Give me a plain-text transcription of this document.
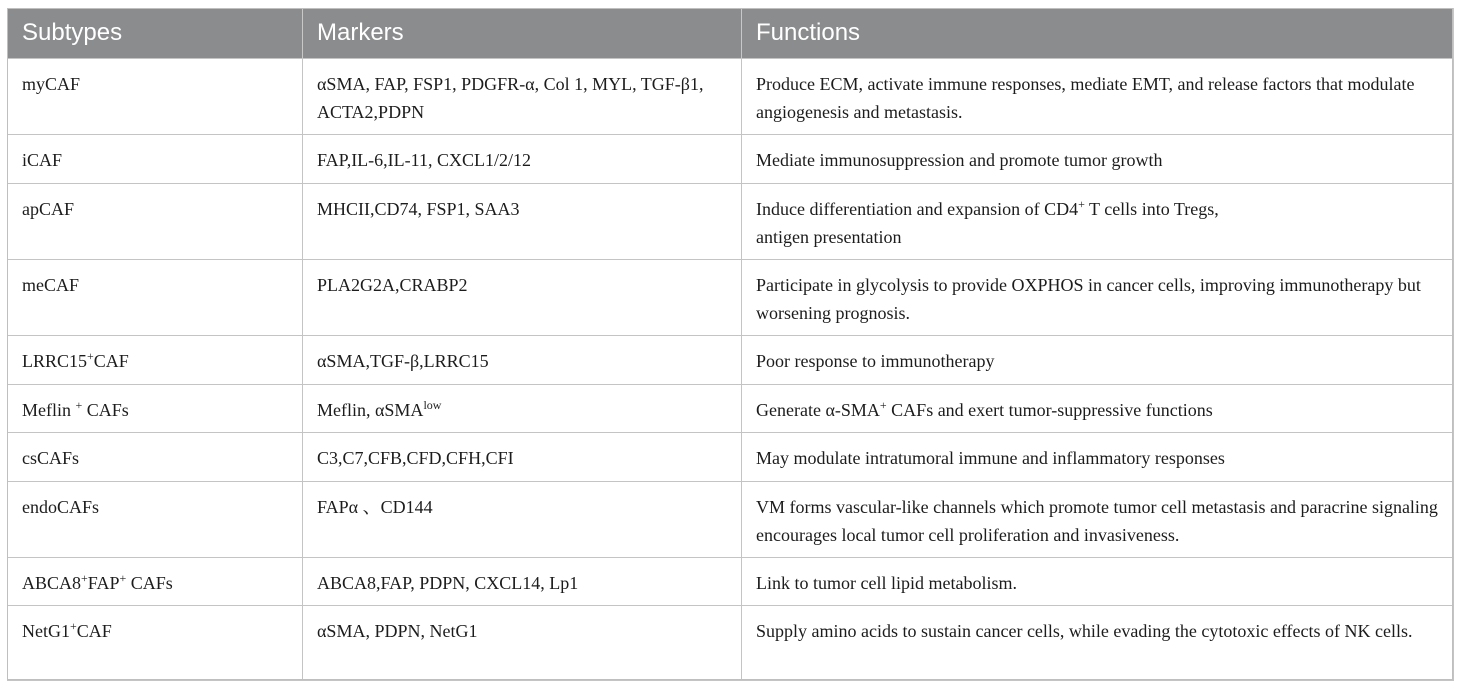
Subtypes	Markers	Functions
myCAF	αSMA, FAP, FSP1, PDGFR-α, Col 1, MYL, TGF-β1, ACTA2,PDPN	Produce ECM, activate immune responses, mediate EMT, and release factors that modulate angiogenesis and metastasis.
iCAF	FAP,IL-6,IL-11, CXCL1/2/12	Mediate immunosuppression and promote tumor growth
apCAF	MHCII,CD74, FSP1, SAA3	Induce differentiation and expansion of CD4+ T cells into Tregs,
antigen presentation
meCAF	PLA2G2A,CRABP2	Participate in glycolysis to provide OXPHOS in cancer cells, improving immunotherapy but worsening prognosis.
LRRC15+CAF	αSMA,TGF-β,LRRC15	Poor response to immunotherapy
Meflin + CAFs	Meflin, αSMA$^{low}$	Generate α-SMA+ CAFs and exert tumor-suppressive functions
csCAFs	C3,C7,CFB,CFD,CFH,CFI	May modulate intratumoral immune and inflammatory responses
endoCAFs	FAPα 、CD144	VM forms vascular-like channels which promote tumor cell metastasis and paracrine signaling encourages local tumor cell proliferation and invasiveness.
ABCA8+FAP+ CAFs	ABCA8,FAP, PDPN, CXCL14, Lp1	Link to tumor cell lipid metabolism.
NetG1+CAF	αSMA, PDPN, NetG1	Supply amino acids to sustain cancer cells, while evading the cytotoxic effects of NK cells.
